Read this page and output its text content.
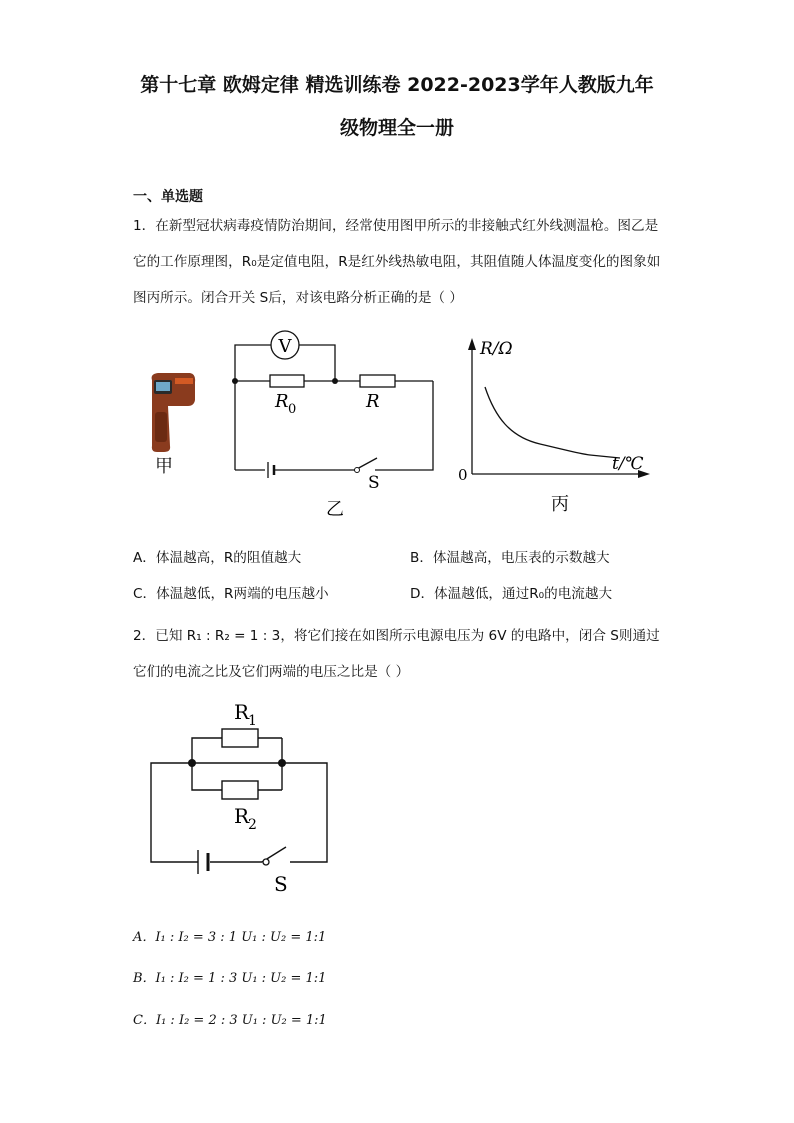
第十七章 欧姆定律 精选训练卷 2022-2023学年人教版九年
级物理全一册
一、单选题
1．在新型冠状病毒疫情防治期间，经常使用图甲所示的非接触式红外线测温枪。图乙是它的工作原理图，R₀是定值电阻，R是红外线热敏电阻，其阻值随人体温度变化的图象如图丙所示。闭合开关 S后，对该电路分析正确的是（ ）
甲
V
R 0	R
S
乙
R/Ω
t/℃
0
丙
A．体温越高，R的阻值越大	B．体温越高，电压表的示数越大
C．体温越低，R两端的电压越小	D．体温越低，通过R₀的电流越大
2．已知 R₁ : R₂ = 1 : 3，将它们接在如图所示电源电压为 6V 的电路中，闭合 S则通过它们的电流之比及它们两端的电压之比是（ ）
R
1
R
2
S
A．I₁ : I₂ = 3 : 1 U₁ : U₂ = 1:1
B．I₁ : I₂ = 1 : 3 U₁ : U₂ = 1:1
C．I₁ : I₂ = 2 : 3 U₁ : U₂ = 1:1
